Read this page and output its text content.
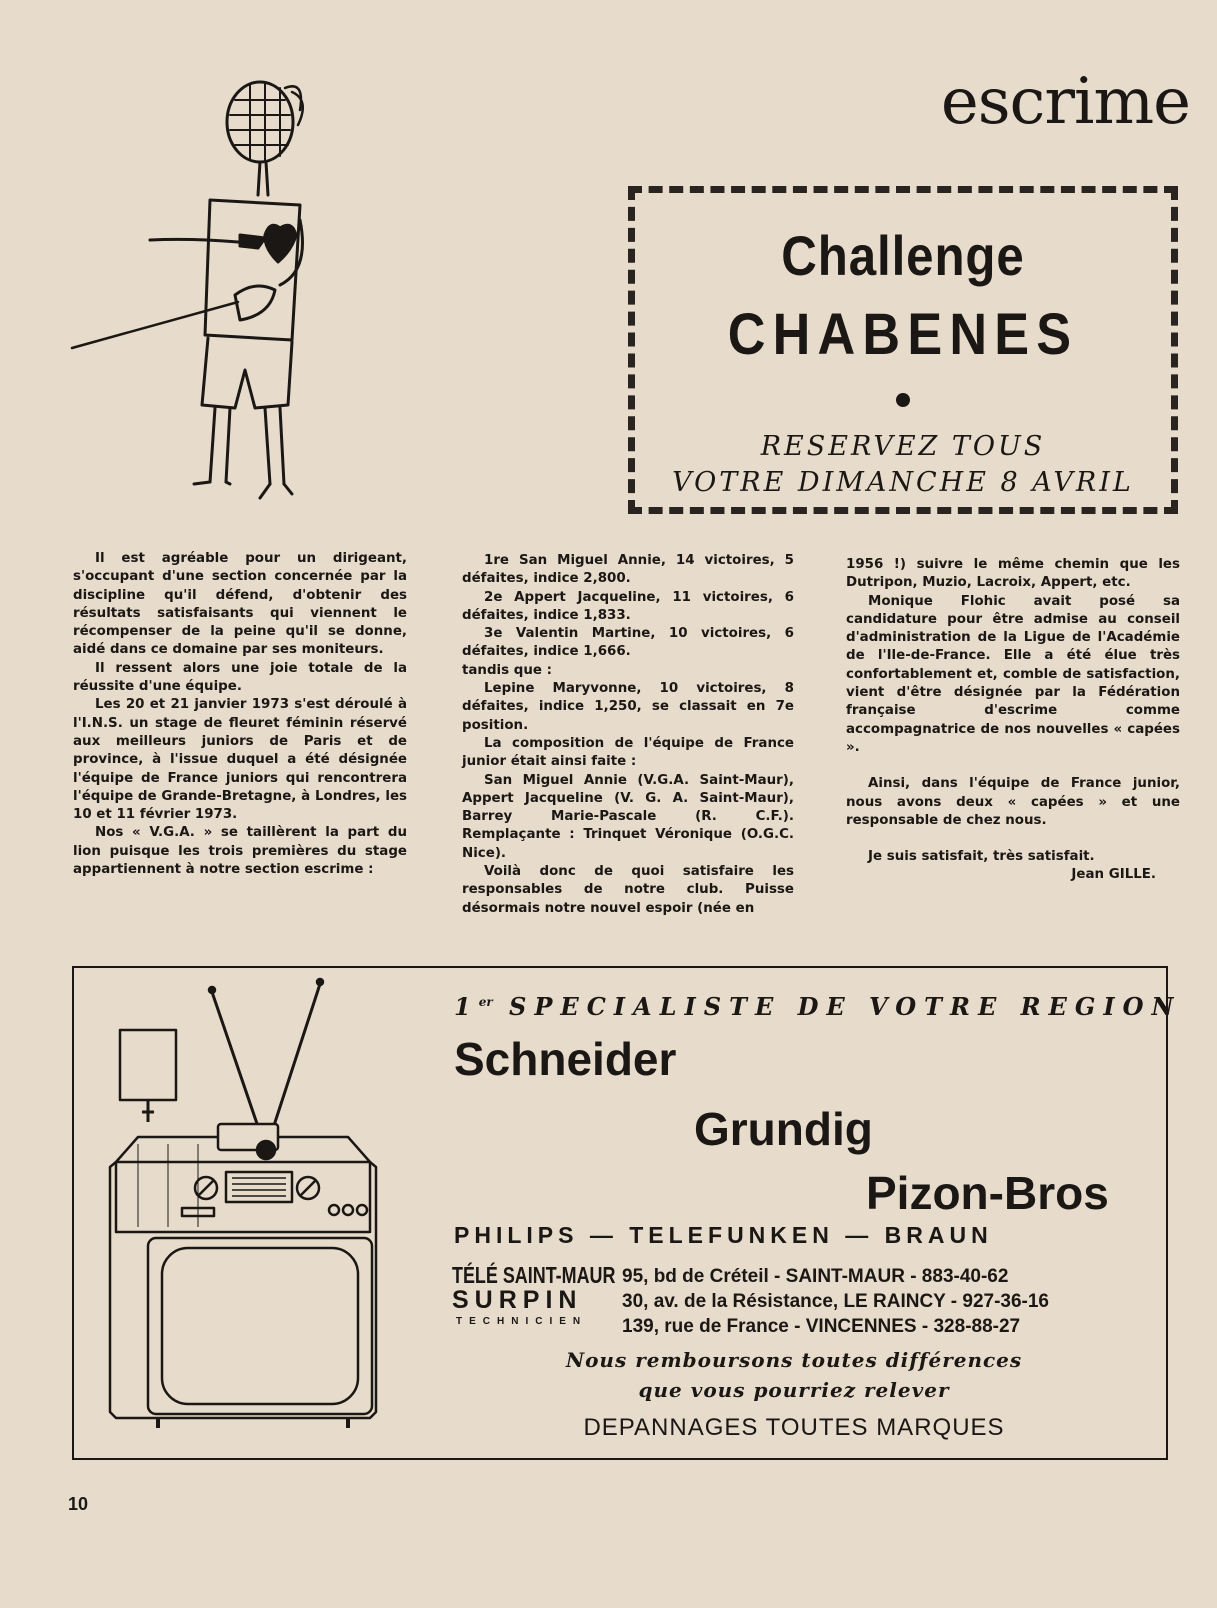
escrime
Challenge
CHABENES
RESERVEZ TOUS
VOTRE DIMANCHE 8 AVRIL

Il est agréable pour un dirigeant, s'occupant d'une section concernée par la discipline qu'il défend, d'obtenir des résultats satisfaisants qui viennent le récompenser de la peine qu'il se donne, aidé dans ce domaine par ses moniteurs.

Il ressent alors une joie totale de la réussite d'une équipe.

Les 20 et 21 janvier 1973 s'est déroulé à l'I.N.S. un stage de fleuret féminin réservé aux meilleurs juniors de Paris et de province, à l'issue duquel a été désignée l'équipe de France juniors qui rencontrera l'équipe de Grande-Bretagne, à Londres, les 10 et 11 février 1973.

Nos « V.G.A. » se taillèrent la part du lion puisque les trois premières du stage appartiennent à notre section escrime :

1re San Miguel Annie, 14 victoires, 5 défaites, indice 2,800.

2e Appert Jacqueline, 11 victoires, 6 défaites, indice 1,833.

3e Valentin Martine, 10 victoires, 6 défaites, indice 1,666.

tandis que :

Lepine Maryvonne, 10 victoires, 8 défaites, indice 1,250, se classait en 7e position.

La composition de l'équipe de France junior était ainsi faite :

San Miguel Annie (V.G.A. Saint-Maur), Appert Jacqueline (V. G. A. Saint-Maur), Barrey Marie-Pascale (R. C.F.). Remplaçante : Trinquet Véronique (O.G.C. Nice).

Voilà donc de quoi satisfaire les responsables de notre club. Puisse désormais notre nouvel espoir (née en

1956 !) suivre le même chemin que les Dutripon, Muzio, Lacroix, Appert, etc.

Monique Flohic avait posé sa candidature pour être admise au conseil d'administration de la Ligue de l'Académie de l'Ile-de-France. Elle a été élue très confortablement et, comble de satisfaction, vient d'être désignée par la Fédération française d'escrime comme accompagnatrice de nos nouvelles « capées ».

Ainsi, dans l'équipe de France junior, nous avons deux « capées » et une responsable de chez nous.

Je suis satisfait, très satisfait.

Jean GILLE.

1er SPECIALISTE DE VOTRE REGION
Schneider
Grundig
Pizon-Bros
PHILIPS — TELEFUNKEN — BRAUN
TÉLÉ SAINT-MAUR
SURPIN
TECHNICIEN
95, bd de Créteil - SAINT-MAUR - 883-40-62
30, av. de la Résistance, LE RAINCY - 927-36-16
139, rue de France - VINCENNES - 328-88-27
Nous remboursons toutes différences
que vous pourriez relever
DEPANNAGES TOUTES MARQUES
10
